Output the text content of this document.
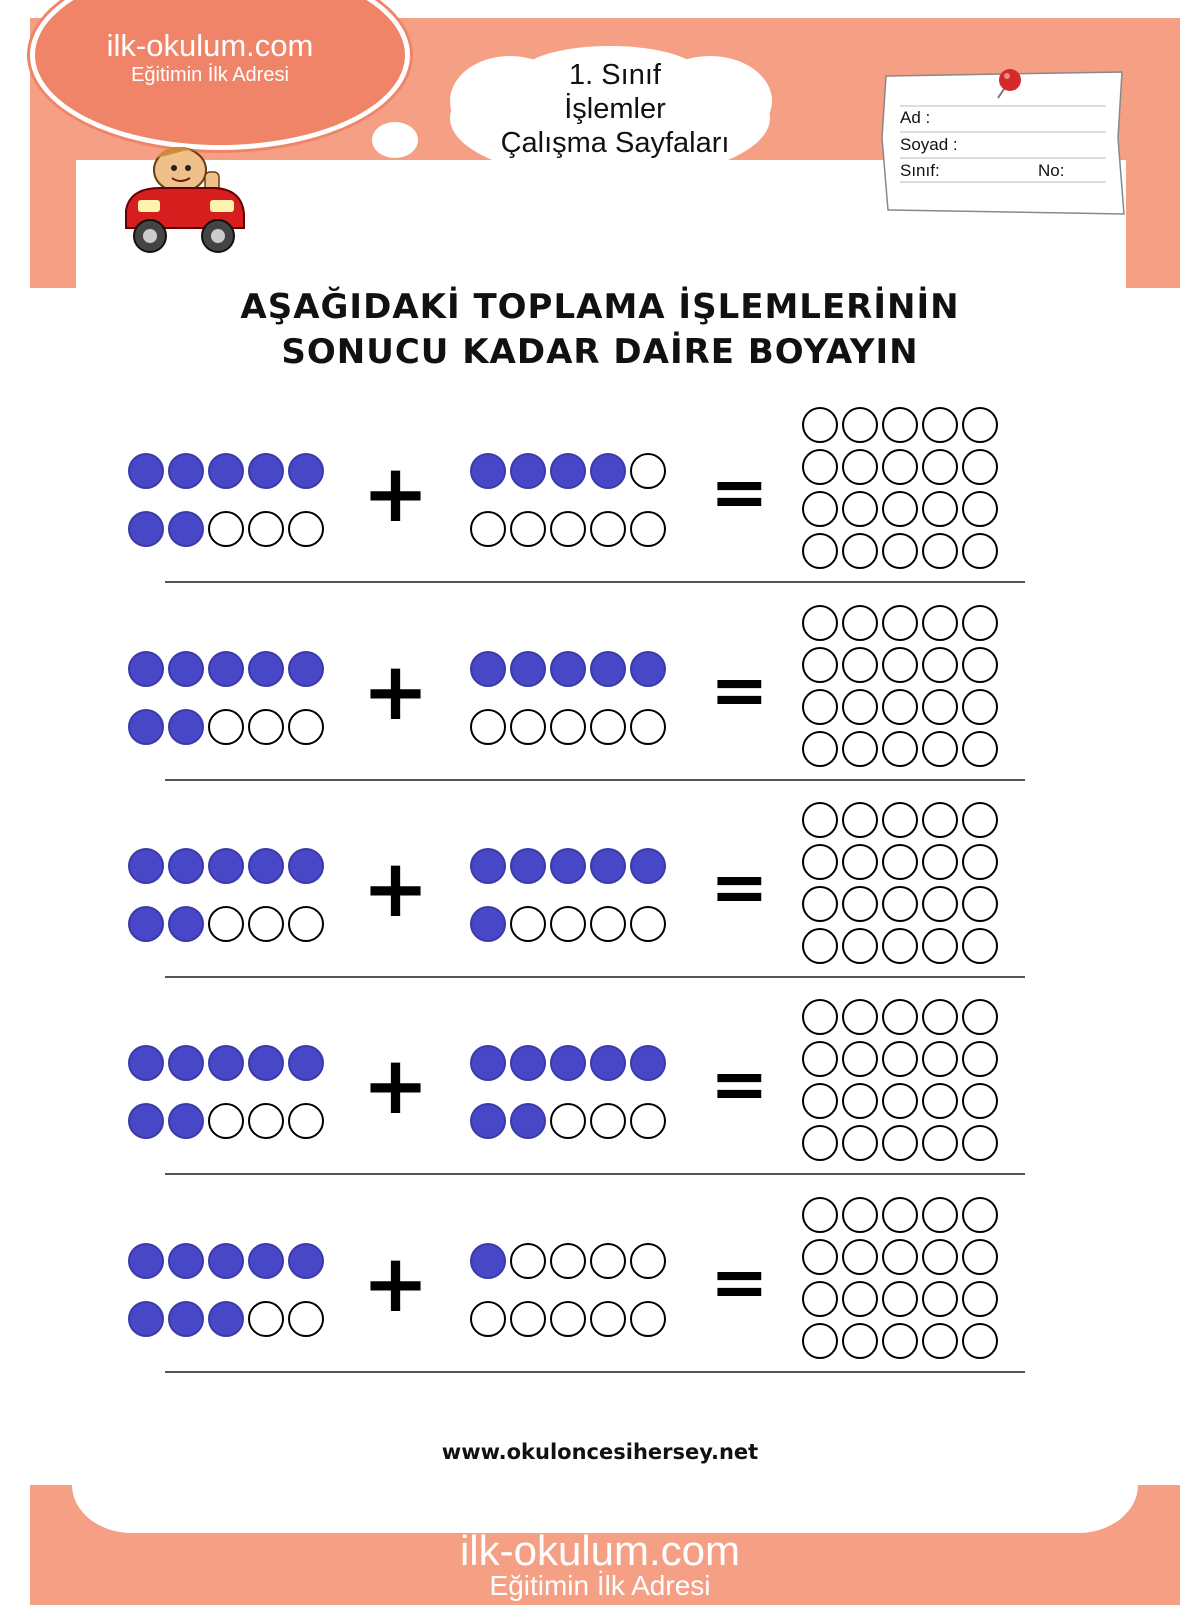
ilk-okulum.com
Eğitimin İlk Adresi	1. Sınıf
İşlemler
Çalışma Sayfaları
Ad :
Soyad :
Sınıf:	No:
AŞAĞIDAKİ TOPLAMA İŞLEMLERİNİN
SONUCU KADAR DAİRE BOYAYIN
+	=
+	=
+	=
+	=
+	=
www.okuloncesihersey.net
ilk-okulum.com
Eğitimin İlk Adresi
